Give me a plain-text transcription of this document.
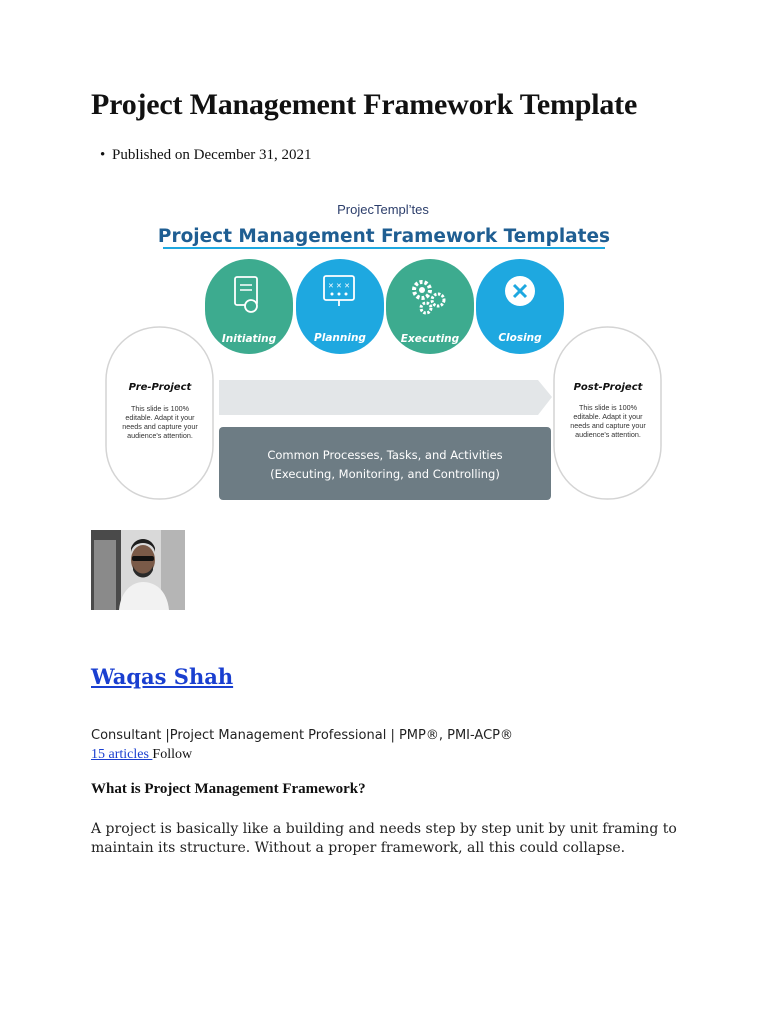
Project Management Framework Template
• Published on December 31, 2021
ProjecTempl’tes
Project Management Framework Templates
Initiating
✕ ✕ ✕
Planning	Executing	Closing
Pre-Project
This slide is 100%
editable. Adapt it your
needs and capture your
audience's attention.
Post-Project
This slide is 100%
editable. Adapt it your
needs and capture your
audience's attention.
Common Processes, Tasks, and Activities
(Executing, Monitoring, and Controlling)
Waqas Shah
Consultant |Project Management Professional | PMP®, PMI-ACP®
15 articles Follow
What is Project Management Framework?

A project is basically like a building and needs step by step unit by unit framing to
maintain its structure. Without a proper framework, all this could collapse.
